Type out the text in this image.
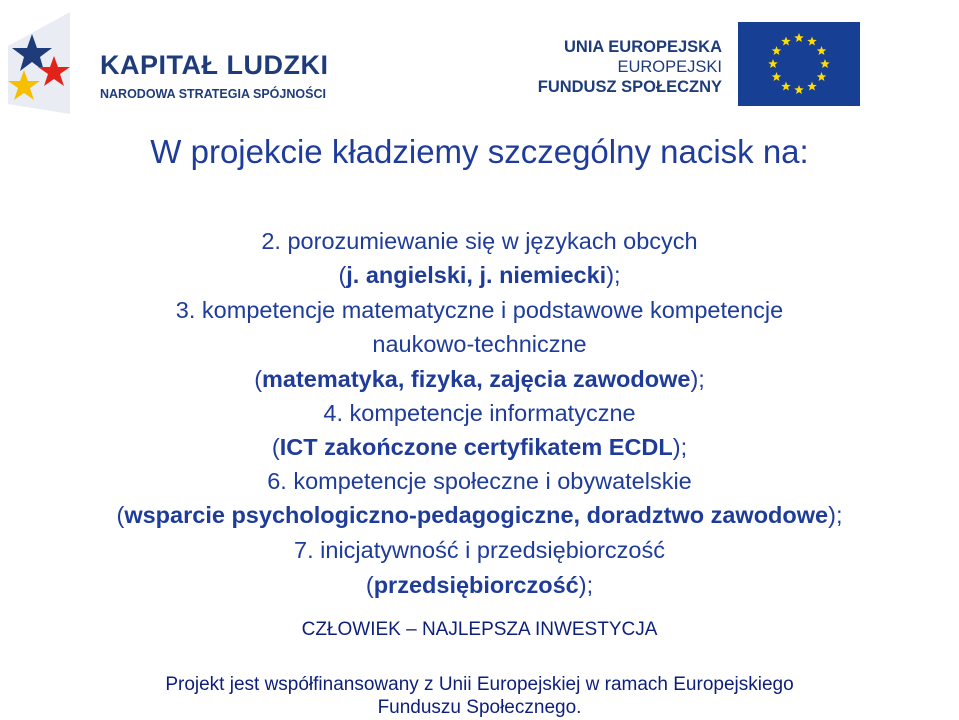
KAPITAŁ LUDZKI
NARODOWA STRATEGIA SPÓJNOŚCI
UNIA EUROPEJSKA
EUROPEJSKI
FUNDUSZ SPOŁECZNY
W projekcie kładziemy szczególny nacisk na:
2. porozumiewanie się w językach obcych
(j. angielski, j. niemiecki);
3. kompetencje matematyczne i podstawowe kompetencje
naukowo-techniczne
(matematyka, fizyka, zajęcia zawodowe);
4. kompetencje informatyczne
(ICT zakończone certyfikatem ECDL);
6. kompetencje społeczne i obywatelskie
(wsparcie psychologiczno-pedagogiczne, doradztwo zawodowe);
7. inicjatywność i przedsiębiorczość
(przedsiębiorczość);
CZŁOWIEK – NAJLEPSZA INWESTYCJA
Projekt jest współfinansowany z Unii Europejskiej w ramach Europejskiego
Funduszu Społecznego.
